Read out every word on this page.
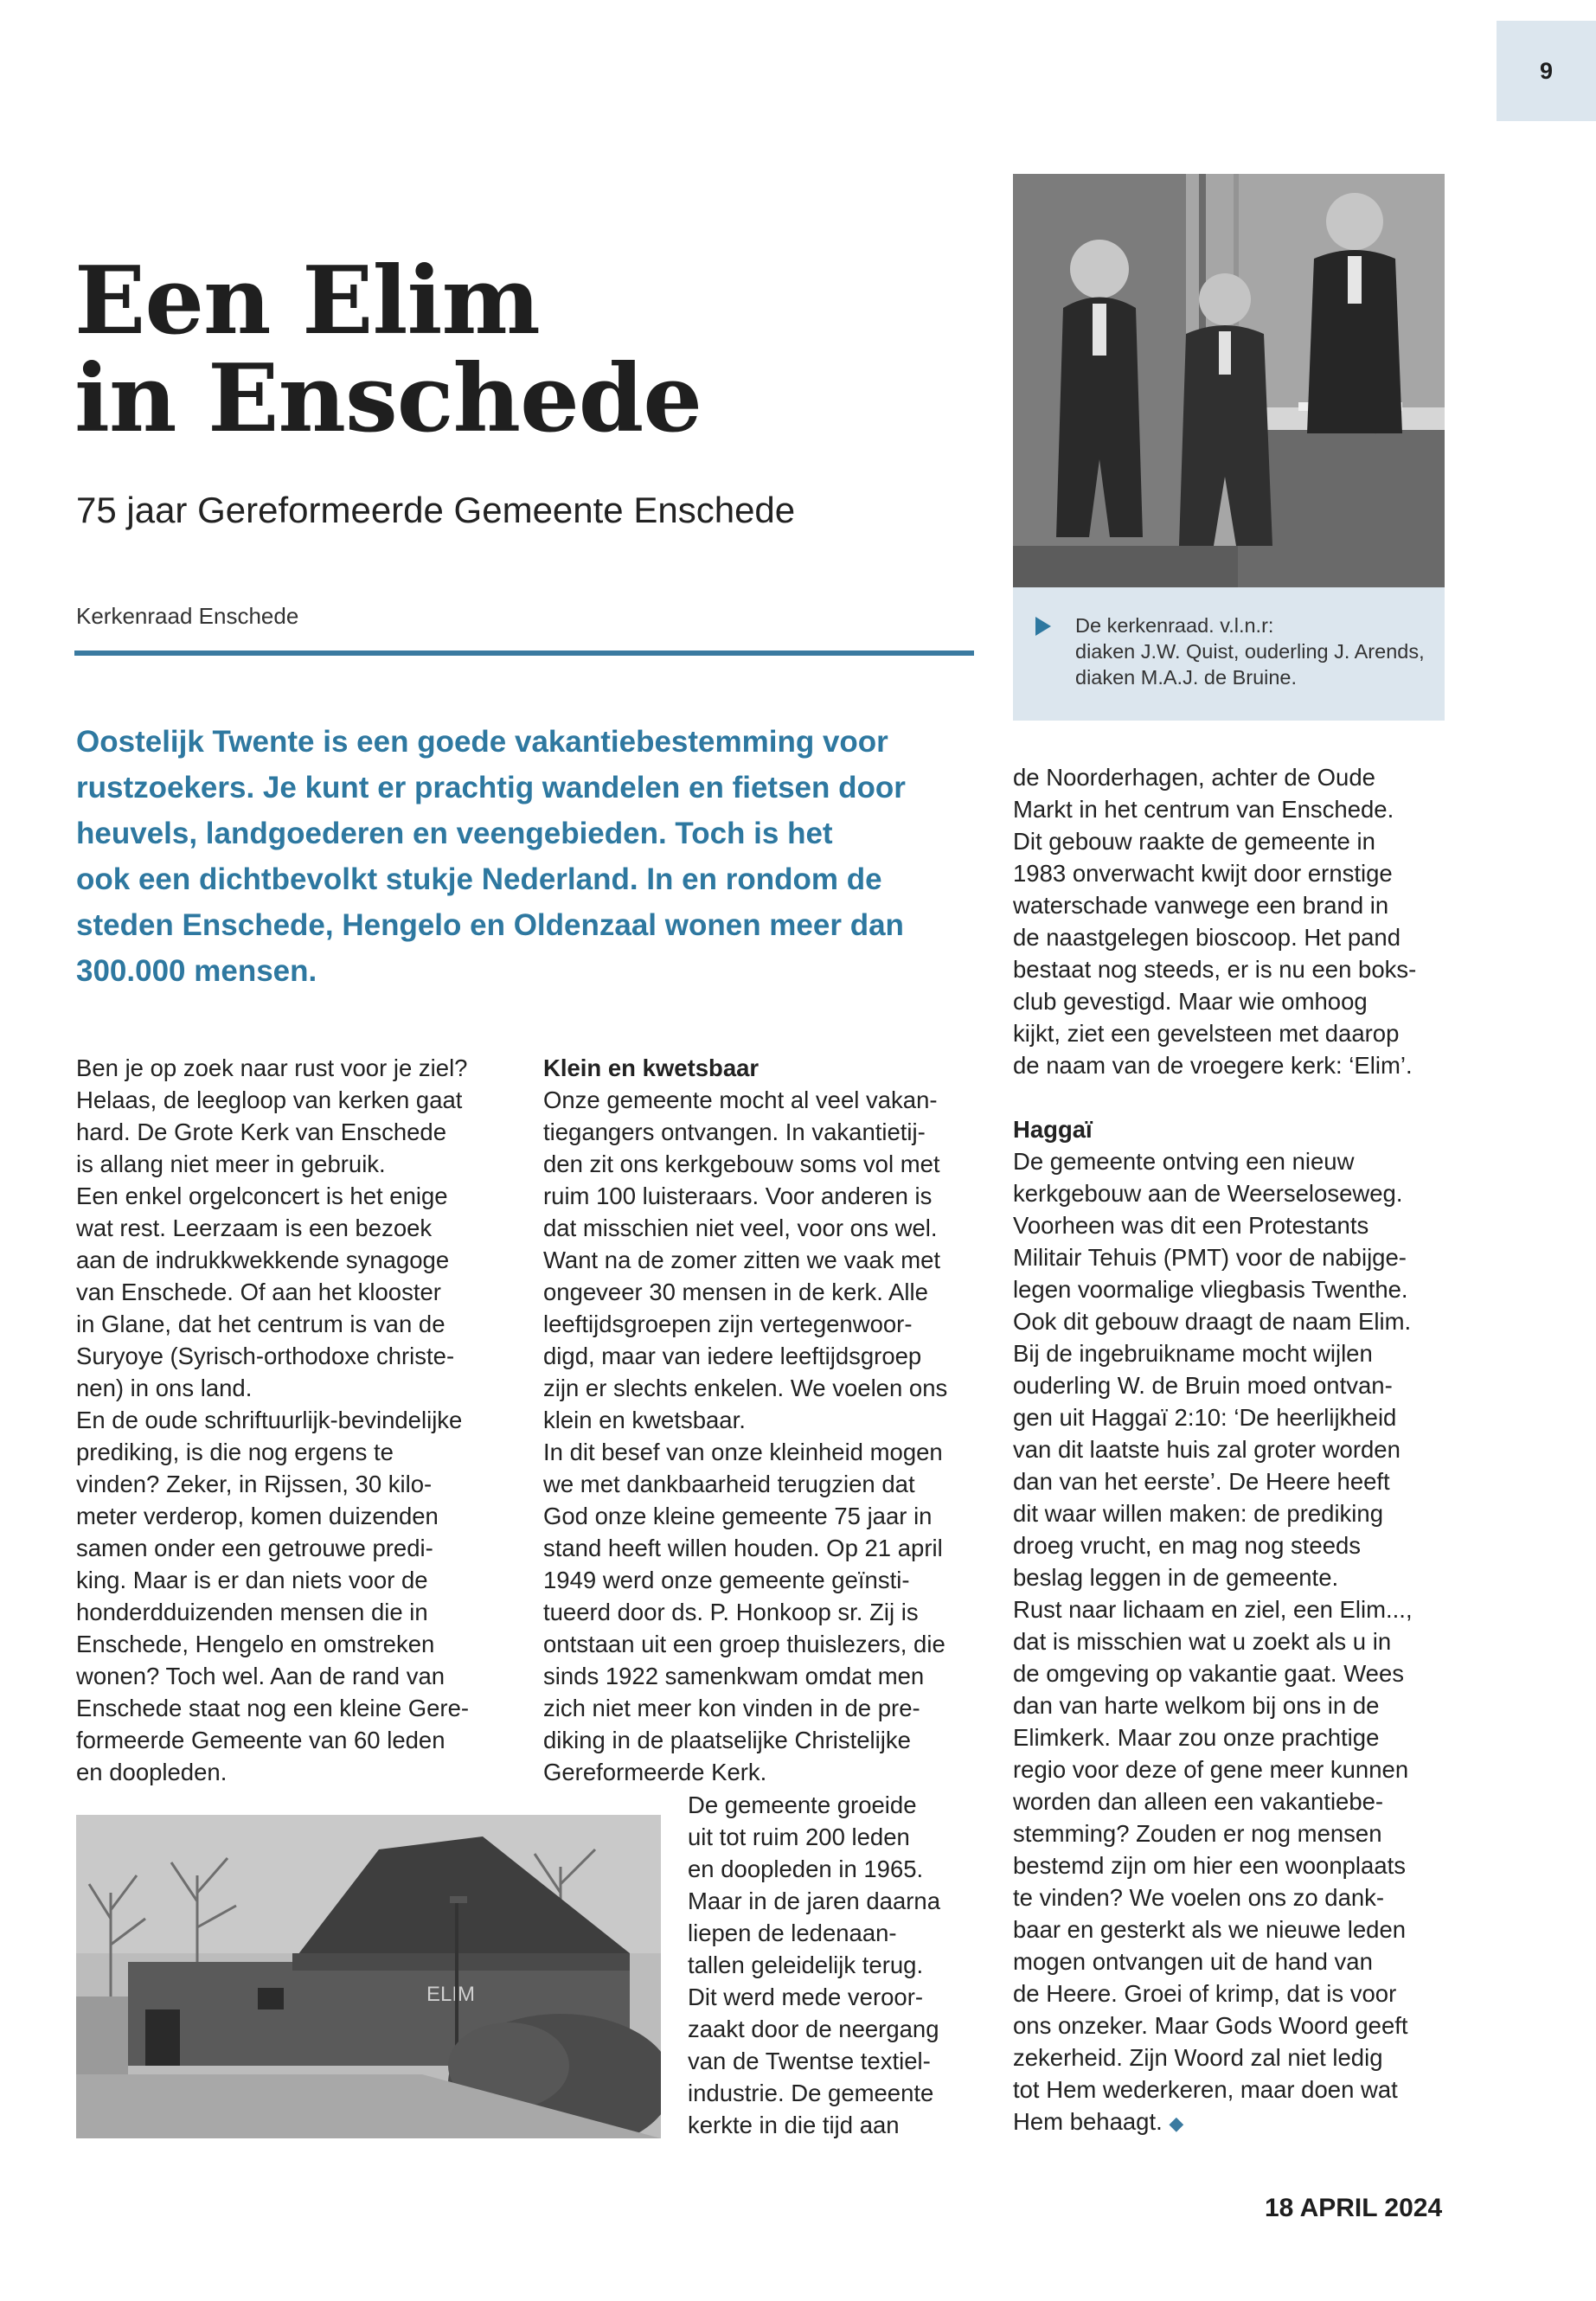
9
Een Elim
in Enschede
75 jaar Gereformeerde Gemeente Enschede
Kerkenraad Enschede
Oostelijk Twente is een goede vakantiebestemming voor
rustzoekers. Je kunt er prachtig wandelen en fietsen door
heuvels, landgoederen en veengebieden. Toch is het
ook een dichtbevolkt stukje Nederland. In en rondom de
steden Enschede, Hengelo en Oldenzaal wonen meer dan
300.000 mensen.
De kerkenraad. v.l.n.r:
diaken J.W. Quist, ouderling J. Arends,
diaken M.A.J. de Bruine.
Ben je op zoek naar rust voor je ziel?
Helaas, de leegloop van kerken gaat
hard. De Grote Kerk van Enschede
is allang niet meer in gebruik.
Een enkel orgelconcert is het enige
wat rest. Leerzaam is een bezoek
aan de indrukkwekkende synagoge
van Enschede. Of aan het klooster
in Glane, dat het centrum is van de
Suryoye (Syrisch-orthodoxe christe-
nen) in ons land.
En de oude schriftuurlijk-bevindelijke
prediking, is die nog ergens te
vinden? Zeker, in Rijssen, 30 kilo-
meter verderop, komen duizenden
samen onder een getrouwe predi-
king. Maar is er dan niets voor de
honderdduizenden mensen die in
Enschede, Hengelo en omstreken
wonen? Toch wel. Aan de rand van
Enschede staat nog een kleine Gere-
formeerde Gemeente van 60 leden
en doopleden.
Klein en kwetsbaar
Onze gemeente mocht al veel vakan-
tiegangers ontvangen. In vakantietij-
den zit ons kerkgebouw soms vol met
ruim 100 luisteraars. Voor anderen is
dat misschien niet veel, voor ons wel.
Want na de zomer zitten we vaak met
ongeveer 30 mensen in de kerk. Alle
leeftijdsgroepen zijn vertegenwoor-
digd, maar van iedere leeftijdsgroep
zijn er slechts enkelen. We voelen ons
klein en kwetsbaar.
In dit besef van onze kleinheid mogen
we met dankbaarheid terugzien dat
God onze kleine gemeente 75 jaar in
stand heeft willen houden. Op 21 april
1949 werd onze gemeente geïnsti-
tueerd door ds. P. Honkoop sr. Zij is
ontstaan uit een groep thuislezers, die
sinds 1922 samenkwam omdat men
zich niet meer kon vinden in de pre-
diking in de plaatselijke Christelijke
Gereformeerde Kerk.
De gemeente groeide
uit tot ruim 200 leden
en doopleden in 1965.
Maar in de jaren daarna
liepen de ledenaan-
tallen geleidelijk terug.
Dit werd mede veroor-
zaakt door de neergang
van de Twentse textiel-
industrie. De gemeente
kerkte in die tijd aan
ELIM
de Noorderhagen, achter de Oude
Markt in het centrum van Enschede.
Dit gebouw raakte de gemeente in
1983 onverwacht kwijt door ernstige
waterschade vanwege een brand in
de naastgelegen bioscoop. Het pand
bestaat nog steeds, er is nu een boks-
club gevestigd. Maar wie omhoog
kijkt, ziet een gevelsteen met daarop
de naam van de vroegere kerk: ‘Elim’.
Haggaï
De gemeente ontving een nieuw
kerkgebouw aan de Weerseloseweg.
Voorheen was dit een Protestants
Militair Tehuis (PMT) voor de nabijge-
legen voormalige vliegbasis Twenthe.
Ook dit gebouw draagt de naam Elim.
Bij de ingebruikname mocht wijlen
ouderling W. de Bruin moed ontvan-
gen uit Haggaï 2:10: ‘De heerlijkheid
van dit laatste huis zal groter worden
dan van het eerste’. De Heere heeft
dit waar willen maken: de prediking
droeg vrucht, en mag nog steeds
beslag leggen in de gemeente.
Rust naar lichaam en ziel, een Elim...,
dat is misschien wat u zoekt als u in
de omgeving op vakantie gaat. Wees
dan van harte welkom bij ons in de
Elimkerk. Maar zou onze prachtige
regio voor deze of gene meer kunnen
worden dan alleen een vakantiebe-
stemming? Zouden er nog mensen
bestemd zijn om hier een woonplaats
te vinden? We voelen ons zo dank-
baar en gesterkt als we nieuwe leden
mogen ontvangen uit de hand van
de Heere. Groei of krimp, dat is voor
ons onzeker. Maar Gods Woord geeft
zekerheid. Zijn Woord zal niet ledig
tot Hem wederkeren, maar doen wat
Hem behaagt. ◆
18 APRIL 2024
